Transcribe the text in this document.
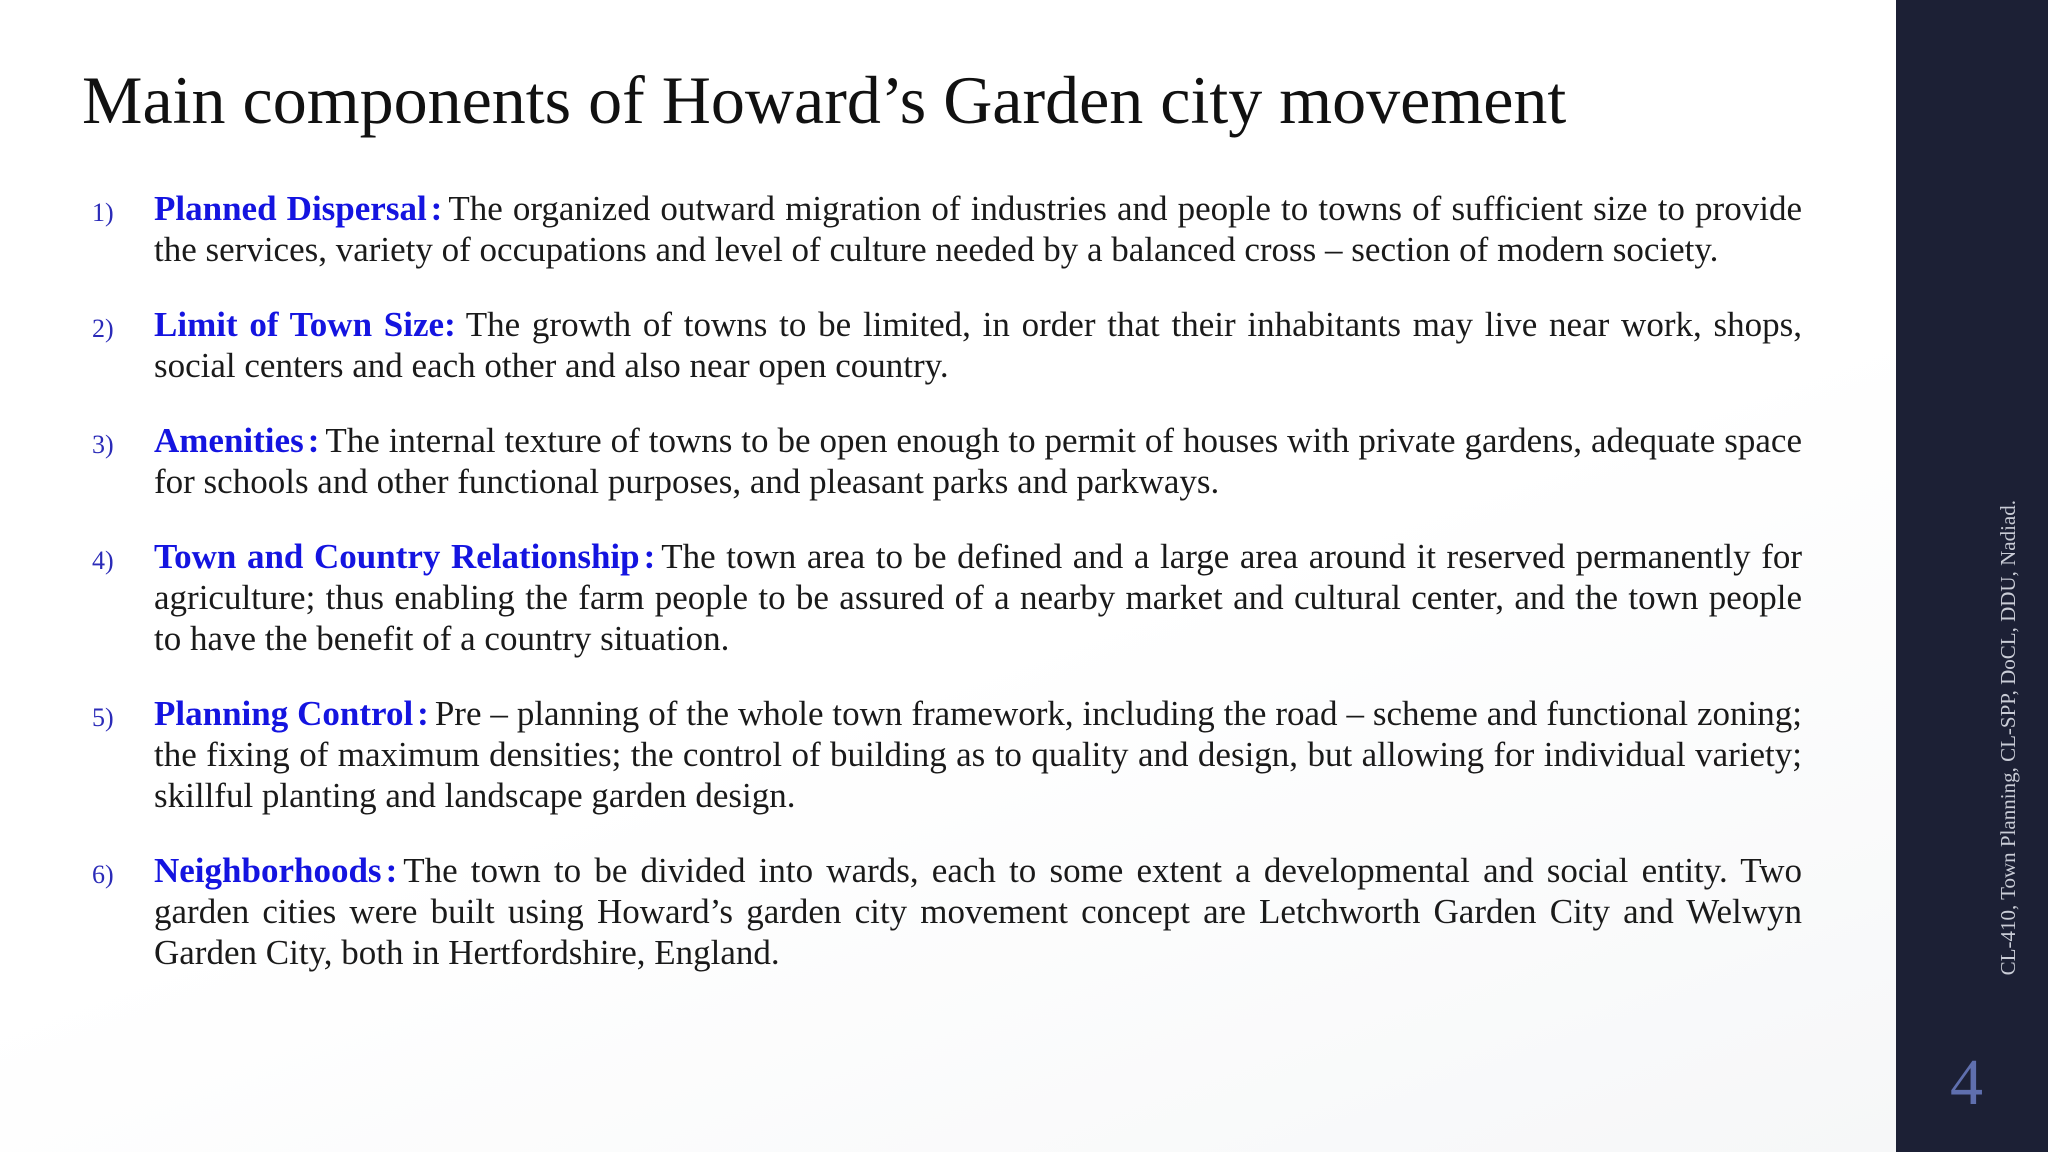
Main components of Howard’s Garden city movement
1) Planned Dispersal : The organized outward migration of industries and people to towns of sufficient size to provide the services, variety of occupations and level of culture needed by a balanced cross – section of modern society.
2) Limit of Town Size: The growth of towns to be limited, in order that their inhabitants may live near work, shops, social centers and each other and also near open country.
3) Amenities : The internal texture of towns to be open enough to permit of houses with private gardens, adequate space for schools and other functional purposes, and pleasant parks and parkways.
4) Town and Country Relationship : The town area to be defined and a large area around it reserved permanently for agriculture; thus enabling the farm people to be assured of a nearby market and cultural center, and the town people to have the benefit of a country situation.
5) Planning Control : Pre – planning of the whole town framework, including the road – scheme and functional zoning; the fixing of maximum densities; the control of building as to quality and design, but allowing for individual variety; skillful planting and landscape garden design.
6) Neighborhoods : The town to be divided into wards, each to some extent a developmental and social entity. Two garden cities were built using Howard’s garden city movement concept are Letchworth Garden City and Welwyn Garden City, both in Hertfordshire, England.	CL-410, Town Planning, CL-SPP, DoCL, DDU, Nadiad.
4
